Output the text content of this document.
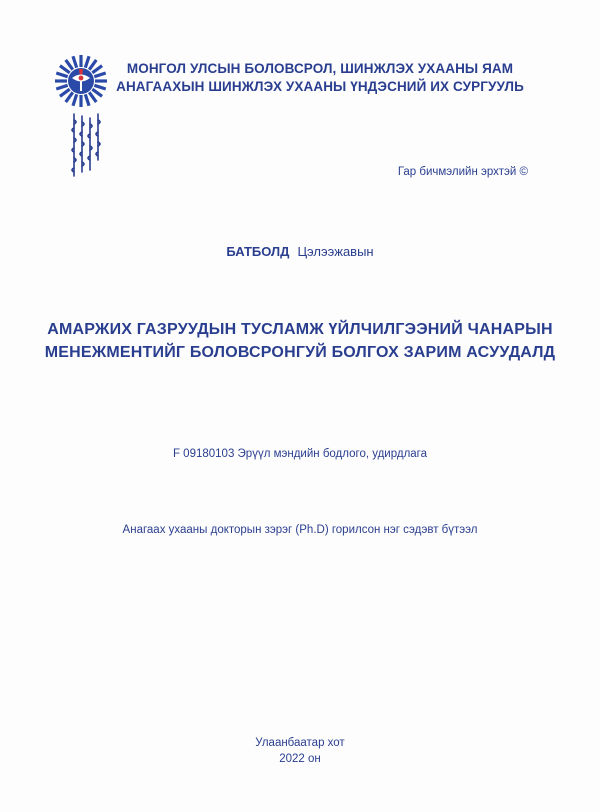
МОНГОЛ УЛСЫН БОЛОВСРОЛ, ШИНЖЛЭХ УХААНЫ ЯАМ
АНАГААХЫН ШИНЖЛЭХ УХААНЫ ҮНДЭСНИЙ ИХ СУРГУУЛЬ
Гар бичмэлийн эрхтэй ©
БАТБОЛД Цэлээжавын
АМАРЖИХ ГАЗРУУДЫН ТУСЛАМЖ ҮЙЛЧИЛГЭЭНИЙ ЧАНАРЫН
МЕНЕЖМЕНТИЙГ БОЛОВСРОНГУЙ БОЛГОХ ЗАРИМ АСУУДАЛД
F 09180103 Эрүүл мэндийн бодлого, удирдлага
Анагаах ухааны докторын зэрэг (Ph.D) горилсон нэг сэдэвт бүтээл
Улаанбаатар хот
2022 он
